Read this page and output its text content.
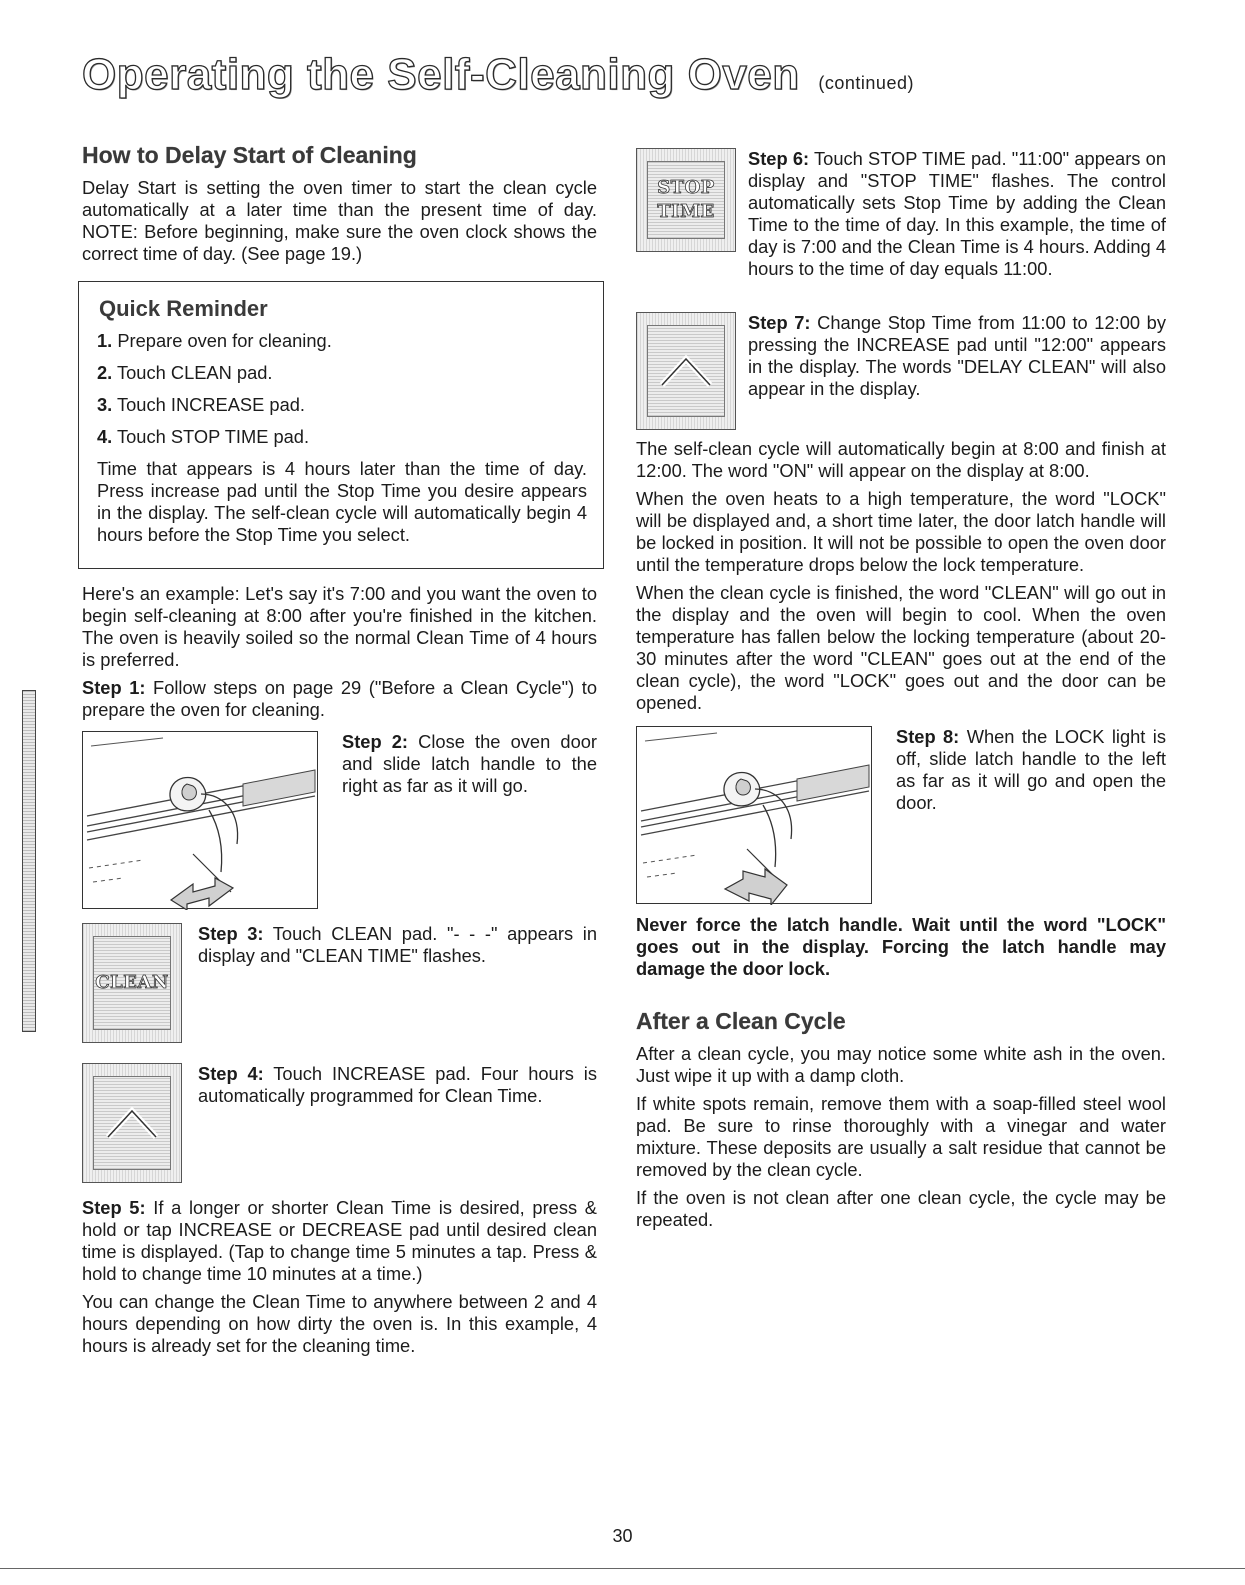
Operating the Self-Cleaning Oven (continued)
How to Delay Start of Cleaning

Delay Start is setting the oven timer to start the clean cycle automatically at a later time than the present time of day. NOTE: Before beginning, make sure the oven clock shows the correct time of day. (See page 19.)

Quick Reminder
1. Prepare oven for cleaning.
2. Touch CLEAN pad.
3. Touch INCREASE pad.
4. Touch STOP TIME pad.

Time that appears is 4 hours later than the time of day. Press increase pad until the Stop Time you desire appears in the display. The self-clean cycle will automatically begin 4 hours before the Stop Time you select.

Here's an example: Let's say it's 7:00 and you want the oven to begin self-cleaning at 8:00 after you're finished in the kitchen. The oven is heavily soiled so the normal Clean Time of 4 hours is preferred.

Step 1: Follow steps on page 29 ("Before a Clean Cycle") to prepare the oven for cleaning.

Step 2: Close the oven door and slide latch handle to the right as far as it will go.

CLEAN

Step 3: Touch CLEAN pad. "- - -" appears in display and "CLEAN TIME" flashes.

Step 4: Touch INCREASE pad. Four hours is automatically programmed for Clean Time.

Step 5: If a longer or shorter Clean Time is desired, press & hold or tap INCREASE or DECREASE pad until desired clean time is displayed. (Tap to change time 5 minutes a tap. Press & hold to change time 10 minutes at a time.)

You can change the Clean Time to anywhere between 2 and 4 hours depending on how dirty the oven is. In this example, 4 hours is already set for the cleaning time.

STOP
TIME

Step 6: Touch STOP TIME pad. "11:00" appears on display and "STOP TIME" flashes. The control automatically sets Stop Time by adding the Clean Time to the time of day. In this example, the time of day is 7:00 and the Clean Time is 4 hours. Adding 4 hours to the time of day equals 11:00.

Step 7: Change Stop Time from 11:00 to 12:00 by pressing the INCREASE pad until "12:00" appears in the display. The words "DELAY CLEAN" will also appear in the display.

The self-clean cycle will automatically begin at 8:00 and finish at 12:00. The word "ON" will appear on the display at 8:00.

When the oven heats to a high temperature, the word "LOCK" will be displayed and, a short time later, the door latch handle will be locked in position. It will not be possible to open the oven door until the temperature drops below the lock temperature.

When the clean cycle is finished, the word "CLEAN" will go out in the display and the oven will begin to cool. When the oven temperature has fallen below the locking temperature (about 20-30 minutes after the word "CLEAN" goes out at the end of the clean cycle), the word "LOCK" goes out and the door can be opened.

Step 8: When the LOCK light is off, slide latch handle to the left as far as it will go and open the door.

Never force the latch handle. Wait until the word "LOCK" goes out in the display. Forcing the latch handle may damage the door lock.

After a Clean Cycle

After a clean cycle, you may notice some white ash in the oven. Just wipe it up with a damp cloth.

If white spots remain, remove them with a soap-filled steel wool pad. Be sure to rinse thoroughly with a vinegar and water mixture. These deposits are usually a salt residue that cannot be removed by the clean cycle.

If the oven is not clean after one clean cycle, the cycle may be repeated.

30
